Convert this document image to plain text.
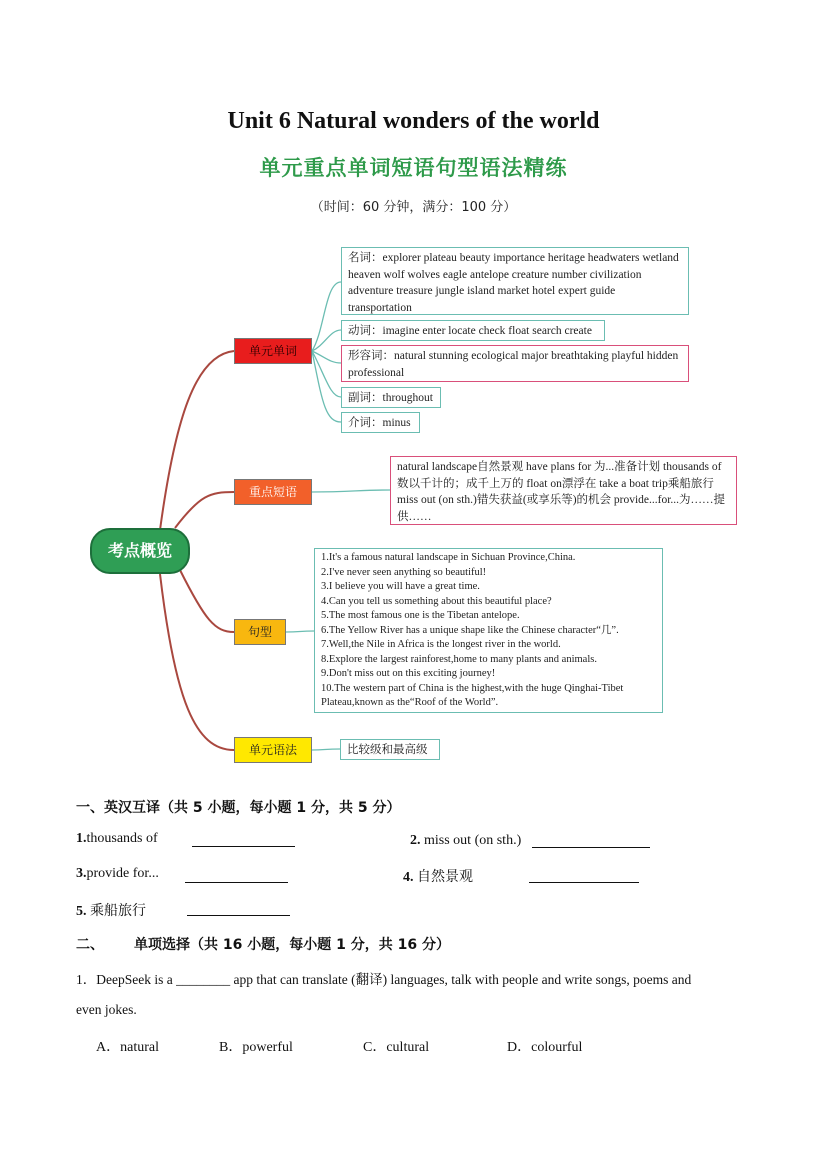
Unit 6 Natural wonders of the world
单元重点单词短语句型语法精练
（时间：60 分钟，满分：100 分）
考点概览
单元单词
重点短语
句型
单元语法
名词：explorer plateau beauty importance heritage headwaters wetland heaven wolf wolves eagle antelope creature number civilization adventure treasure jungle island market hotel expert guide transportation
动词：imagine enter locate check float search create
形容词：natural stunning ecological major breathtaking playful hidden professional
副词：throughout
介词：minus
natural landscape自然景观 have plans for 为...准备计划 thousands of 数以千计的；成千上万的 float on漂浮在 take a boat trip乘船旅行 miss out (on sth.)错失获益(或享乐等)的机会 provide...for...为……提供……
1.It's a famous natural landscape in Sichuan Province,China.
2.I've never seen anything so beautiful!
3.I believe you will have a great time.
4.Can you tell us something about this beautiful place?
5.The most famous one is the Tibetan antelope.
6.The Yellow River has a unique shape like the Chinese character“几”.
7.Well,the Nile in Africa is the longest river in the world.
8.Explore the largest rainforest,home to many plants and animals.
9.Don't miss out on this exciting journey!
10.The western part of China is the highest,with the huge Qinghai-Tibet Plateau,known as the“Roof of the World”.
比较级和最高级
一、英汉互译（共 5 小题，每小题 1 分，共 5 分）
1.thousands of	2. miss out (on sth.)
3.provide for...	4. 自然景观
5. 乘船旅行
二、 单项选择（共 16 小题，每小题 1 分，共 16 分）
1．DeepSeek is a ________ app that can translate (翻译) languages, talk with people and write songs, poems and
even jokes.
A．natural	B．powerful	C．cultural	D．colourful
